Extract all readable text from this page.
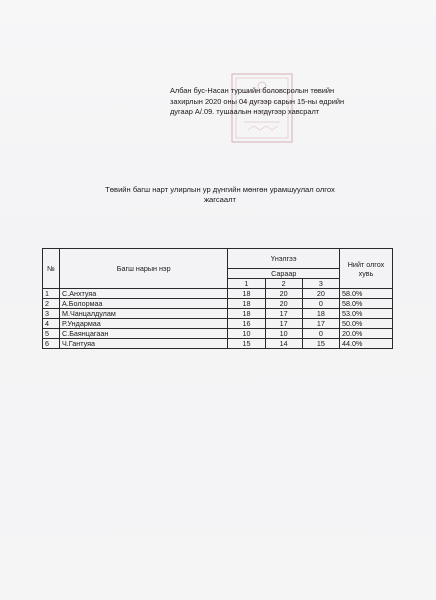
Албан бус-Насан туршийн боловсролын төвийн
захирлын 2020 оны 04 дугээр сарын 15-ны өдрийн
дугаар А/.09. тушаалын нэгдүгээр хавсралт
Төвийн багш нарт улирлын ур дүнгийн мөнгөн урамшуулал олгох
жагсаалт
№	Багш нарын нэр	Үнэлгээ			Нийт олгох хувь
		Сараар			
		1	2	3	
1	С.Анхтуяа	18	20	20	58.0%
2	А.Болормаа	18	20	0	58.0%
3	М.Чанцалдулам	18	17	18	53.0%
4	Р.Ундармаа	16	17	17	50.0%
5	С.Баянцагаан	10	10	0	20.0%
6	Ч.Гантуяа	15	14	15	44.0%
